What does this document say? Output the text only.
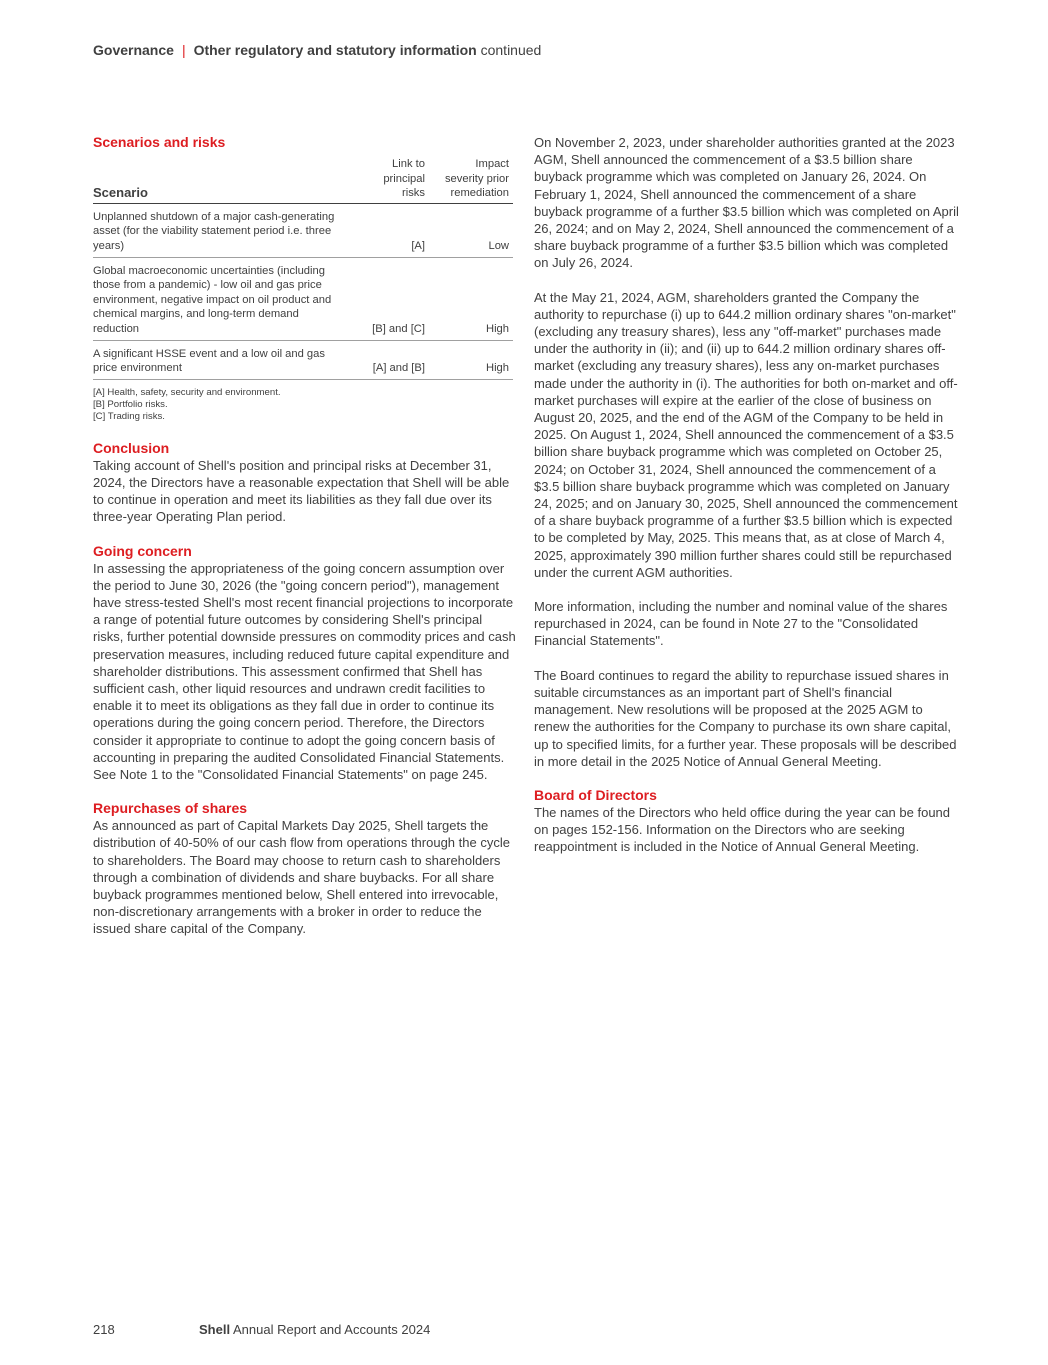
Governance | Other regulatory and statutory information continued
Scenarios and risks
Scenario	Link to principal risks	Impact severity prior remediation
Unplanned shutdown of a major cash-generating asset (for the viability statement period i.e. three years)	[A]	Low
Global macroeconomic uncertainties (including those from a pandemic) - low oil and gas price environment, negative impact on oil product and chemical margins, and long-term demand reduction	[B] and [C]	High
A significant HSSE event and a low oil and gas price environment	[A] and [B]	High
[A] Health, safety, security and environment.
[B] Portfolio risks.
[C] Trading risks.
Conclusion
Taking account of Shell's position and principal risks at December 31, 2024, the Directors have a reasonable expectation that Shell will be able to continue in operation and meet its liabilities as they fall due over its three-year Operating Plan period.
Going concern
In assessing the appropriateness of the going concern assumption over the period to June 30, 2026 (the "going concern period"), management have stress-tested Shell's most recent financial projections to incorporate a range of potential future outcomes by considering Shell's principal risks, further potential downside pressures on commodity prices and cash preservation measures, including reduced future capital expenditure and shareholder distributions. This assessment confirmed that Shell has sufficient cash, other liquid resources and undrawn credit facilities to enable it to meet its obligations as they fall due in order to continue its operations during the going concern period. Therefore, the Directors consider it appropriate to continue to adopt the going concern basis of accounting in preparing the audited Consolidated Financial Statements. See Note 1 to the "Consolidated Financial Statements" on page 245.
Repurchases of shares
As announced as part of Capital Markets Day 2025, Shell targets the distribution of 40-50% of our cash flow from operations through the cycle to shareholders. The Board may choose to return cash to shareholders through a combination of dividends and share buybacks. For all share buyback programmes mentioned below, Shell entered into irrevocable, non-discretionary arrangements with a broker in order to reduce the issued share capital of the Company.
On November 2, 2023, under shareholder authorities granted at the 2023 AGM, Shell announced the commencement of a $3.5 billion share buyback programme which was completed on January 26, 2024. On February 1, 2024, Shell announced the commencement of a share buyback programme of a further $3.5 billion which was completed on April 26, 2024; and on May 2, 2024, Shell announced the commencement of a share buyback programme of a further $3.5 billion which was completed on July 26, 2024.
At the May 21, 2024, AGM, shareholders granted the Company the authority to repurchase (i) up to 644.2 million ordinary shares "on-market" (excluding any treasury shares), less any "off-market" purchases made under the authority in (ii); and (ii) up to 644.2 million ordinary shares off-market (excluding any treasury shares), less any on-market purchases made under the authority in (i). The authorities for both on-market and off-market purchases will expire at the earlier of the close of business on August 20, 2025, and the end of the AGM of the Company to be held in 2025. On August 1, 2024, Shell announced the commencement of a $3.5 billion share buyback programme which was completed on October 25, 2024; on October 31, 2024, Shell announced the commencement of a $3.5 billion share buyback programme which was completed on January 24, 2025; and on January 30, 2025, Shell announced the commencement of a share buyback programme of a further $3.5 billion which is expected to be completed by May, 2025. This means that, as at close of March 4, 2025, approximately 390 million further shares could still be repurchased under the current AGM authorities.
More information, including the number and nominal value of the shares repurchased in 2024, can be found in Note 27 to the "Consolidated Financial Statements".
The Board continues to regard the ability to repurchase issued shares in suitable circumstances as an important part of Shell's financial management. New resolutions will be proposed at the 2025 AGM to renew the authorities for the Company to purchase its own share capital, up to specified limits, for a further year. These proposals will be described in more detail in the 2025 Notice of Annual General Meeting.
Board of Directors
The names of the Directors who held office during the year can be found on pages 152-156. Information on the Directors who are seeking reappointment is included in the Notice of Annual General Meeting.
218	Shell Annual Report and Accounts 2024
